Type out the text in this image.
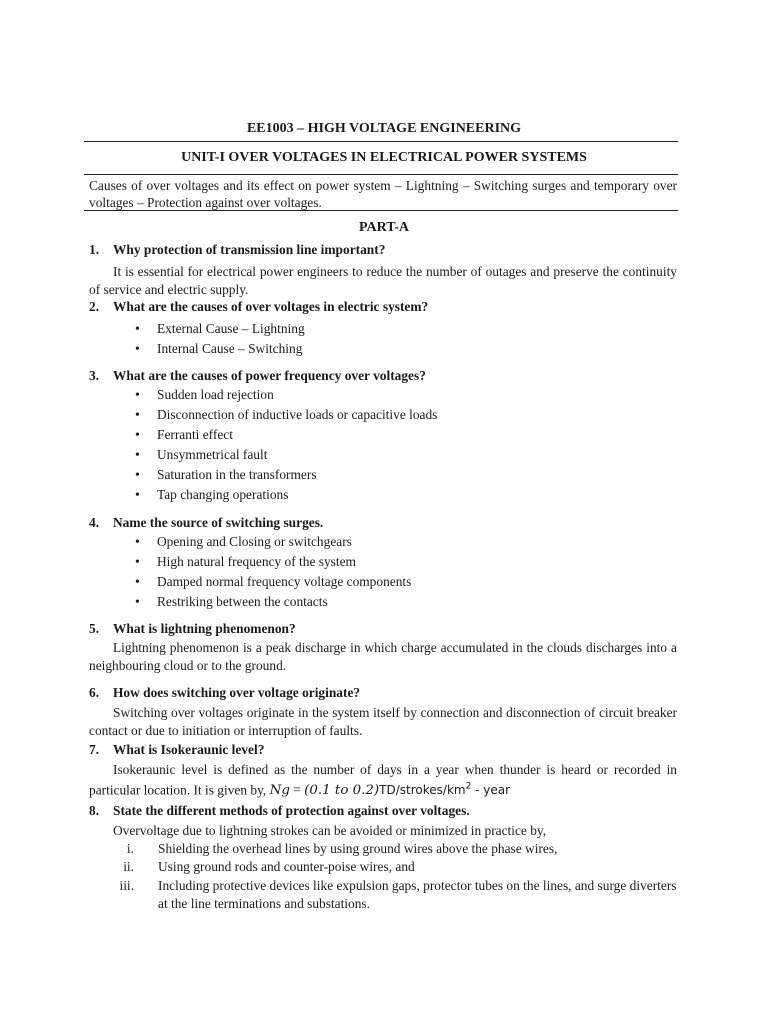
EE1003 – HIGH VOLTAGE ENGINEERING
UNIT-I OVER VOLTAGES IN ELECTRICAL POWER SYSTEMS
Causes of over voltages and its effect on power system – Lightning – Switching surges and temporary over voltages – Protection against over voltages.
PART-A
1. Why protection of transmission line important?
It is essential for electrical power engineers to reduce the number of outages and preserve the continuity of service and electric supply.
2. What are the causes of over voltages in electric system?
• External Cause – Lightning
• Internal Cause – Switching
3. What are the causes of power frequency over voltages?
• Sudden load rejection
• Disconnection of inductive loads or capacitive loads
• Ferranti effect
• Unsymmetrical fault
• Saturation in the transformers
• Tap changing operations
4. Name the source of switching surges.
• Opening and Closing or switchgears
• High natural frequency of the system
• Damped normal frequency voltage components
• Restriking between the contacts
5. What is lightning phenomenon?
Lightning phenomenon is a peak discharge in which charge accumulated in the clouds discharges into a neighbouring cloud or to the ground.
6. How does switching over voltage originate?
Switching over voltages originate in the system itself by connection and disconnection of circuit breaker contact or due to initiation or interruption of faults.
7. What is Isokeraunic level?
Isokeraunic level is defined as the number of days in a year when thunder is heard or recorded in particular location. It is given by, Ng = (0.1 to $0.2)TD/strokes/km^2$ - year
8. State the different methods of protection against over voltages.
Overvoltage due to lightning strokes can be avoided or minimized in practice by,
i. Shielding the overhead lines by using ground wires above the phase wires,
ii. Using ground rods and counter-poise wires, and
iii. Including protective devices like expulsion gaps, protector tubes on the lines, and surge diverters at the line terminations and substations.
